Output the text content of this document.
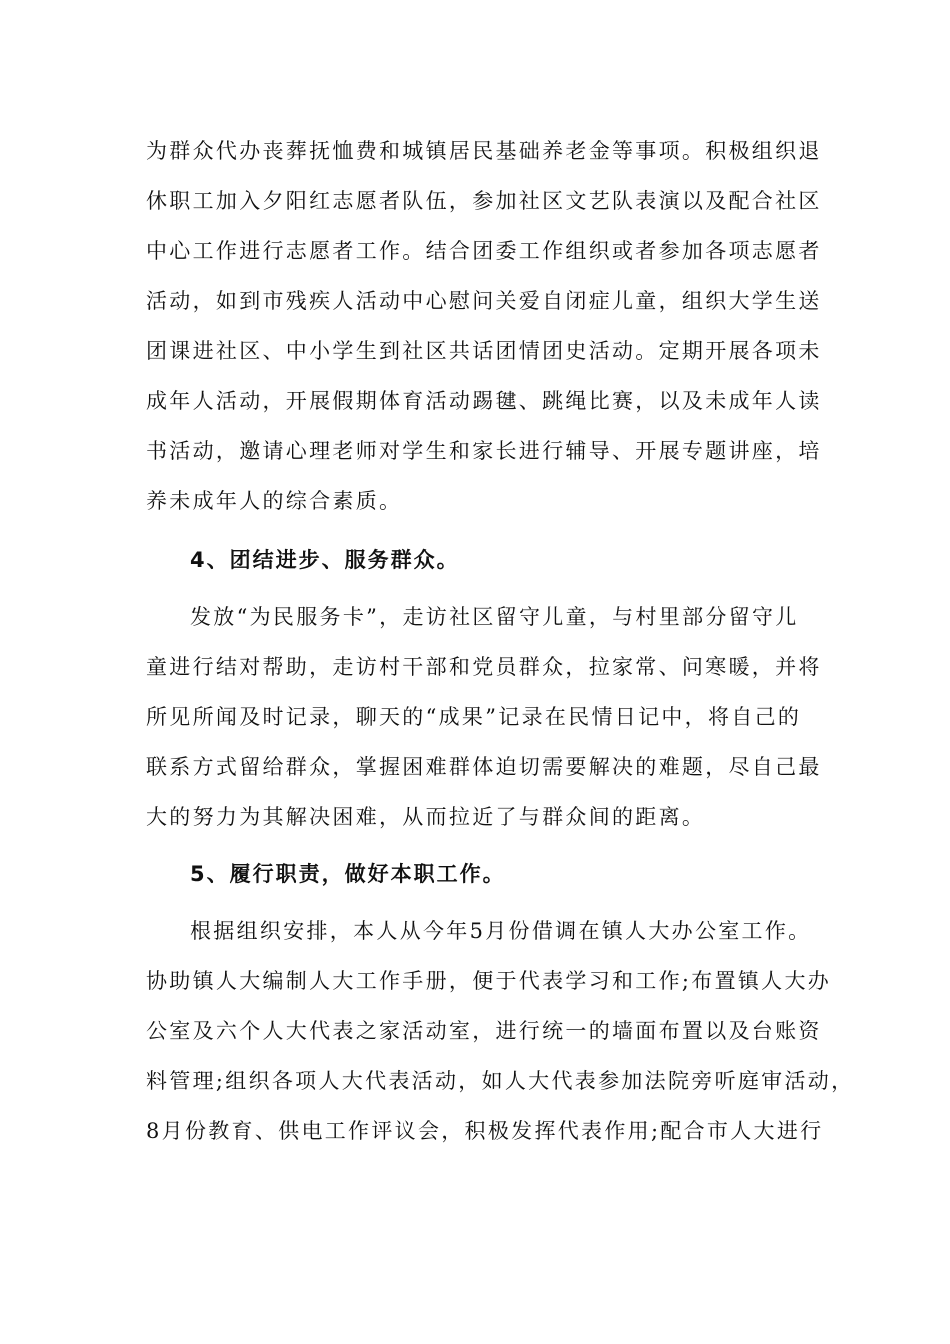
为群众代办丧葬抚恤费和城镇居民基础养老金等事项。积极组织退
休职工加入夕阳红志愿者队伍，参加社区文艺队表演以及配合社区
中心工作进行志愿者工作。结合团委工作组织或者参加各项志愿者
活动，如到市残疾人活动中心慰问关爱自闭症儿童，组织大学生送
团课进社区、中小学生到社区共话团情团史活动。定期开展各项未
成年人活动，开展假期体育活动踢毽、跳绳比赛，以及未成年人读
书活动，邀请心理老师对学生和家长进行辅导、开展专题讲座，培
养未成年人的综合素质。
4、团结进步、服务群众。
发放“为民服务卡”，走访社区留守儿童，与村里部分留守儿
童进行结对帮助，走访村干部和党员群众，拉家常、问寒暖，并将
所见所闻及时记录，聊天的“成果”记录在民情日记中，将自己的
联系方式留给群众，掌握困难群体迫切需要解决的难题，尽自己最
大的努力为其解决困难，从而拉近了与群众间的距离。
5、履行职责，做好本职工作。
根据组织安排，本人从今年5月份借调在镇人大办公室工作。
协助镇人大编制人大工作手册，便于代表学习和工作;布置镇人大办
公室及六个人大代表之家活动室，进行统一的墙面布置以及台账资
料管理;组织各项人大代表活动，如人大代表参加法院旁听庭审活动，
8月份教育、供电工作评议会，积极发挥代表作用;配合市人大进行
